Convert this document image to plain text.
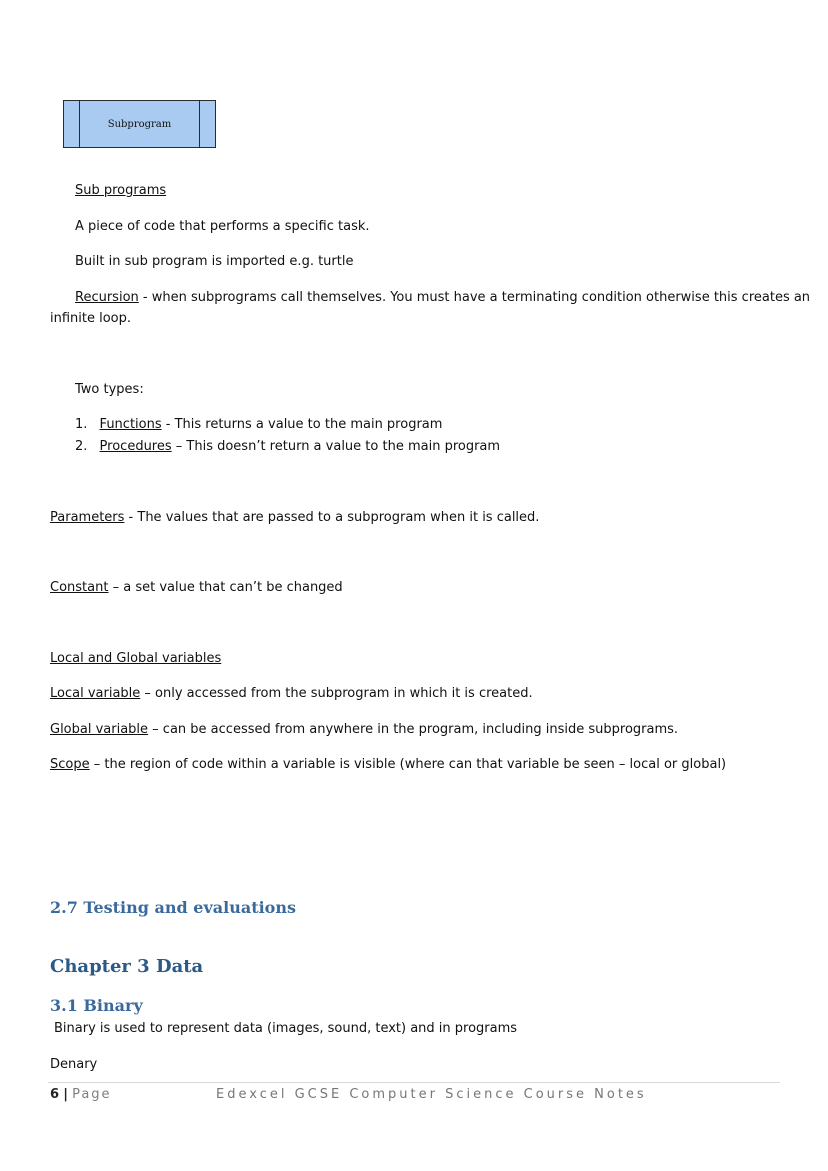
Subprogram
Sub programs
A piece of code that performs a specific task.
Built in sub program is imported e.g. turtle
Recursion - when subprograms call themselves. You must have a terminating condition otherwise this creates an
infinite loop.
Two types:
1. Functions - This returns a value to the main program
2. Procedures – This doesn’t return a value to the main program
Parameters - The values that are passed to a subprogram when it is called.
Constant – a set value that can’t be changed
Local and Global variables
Local variable – only accessed from the subprogram in which it is created.
Global variable – can be accessed from anywhere in the program, including inside subprograms.
Scope – the region of code within a variable is visible (where can that variable be seen – local or global)
2.7 Testing and evaluations
Chapter 3 Data
3.1 Binary
Binary is used to represent data (images, sound, text) and in programs
Denary
6 | Page	Edexcel GCSE Computer Science Course Notes
